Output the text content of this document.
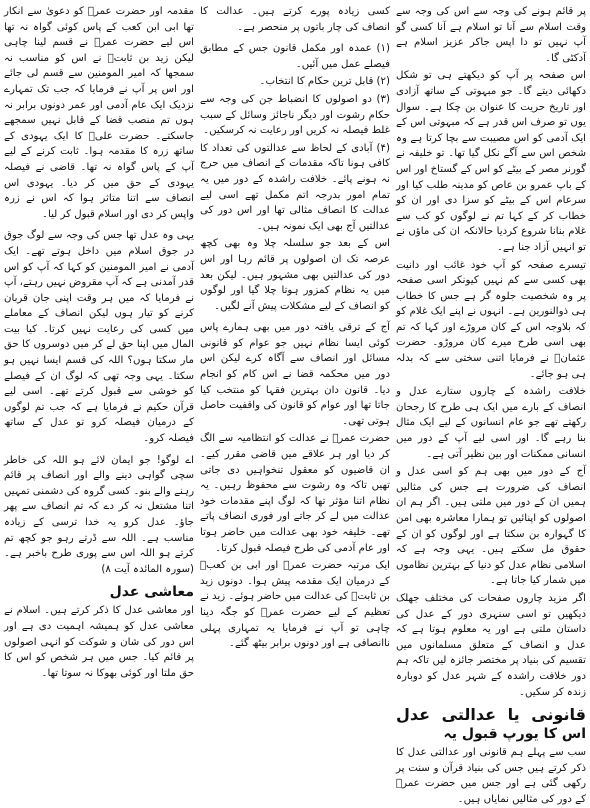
پر قائم ہونے کی وجہ سے اس کی وجہ سے وقت اسلام سے آنا تو اسلام ہے آنا کسی گو آپ نہیں تو دا اپس جاکر عزیز اسلام ہے آدکٹی گا۔

اس صفحہ پر آپ کو دیکھتے ہی تو شکل دکھائی دیتے گا۔ جو مبہوتی کے ساتھ آزادی اور تاریخ حریت کا عنوان بن چکا ہے۔ سوال یوں تو صرف اس قدر ہے کہ مبہوتی اس کے ایک آدمی کو اس مصیبت سے بچا کرتا ہے وہ شخص اس سے آگے نکل گیا تھا۔ تو خلیفہ نے گورنر مصر کے بیٹے کو اس کے گستاخ اور اس کے باپ عمرو بن عاص کو مدینہ طلب کیا اور سرعام اس کے بیٹے کو سزا دی اور ان کو خطاب کر کے کہا تم نے لوگوں کو کب سے غلام بنانا شروع کردیا حالانکہ ان کی ماؤں نے تو انہیں آزاد جنا ہے۔

تیسرے صفحہ کو آپ خود غائب اور دانیت بھی کسی سے کم نہیں کیونکر اسی صفحہ پر وہ شخصیت جلوہ گر ہے جس کا خطاب ہی ذوالنورین ہے۔ انہوں نے اپنے ایک غلام کو کہ بلاوجہ اس کے کان مروڑے اور کہا کہ تم بھی اسی طرح میرے کان مروڑو۔ حضرت عثمانؓ نے فرمایا اتنی سختی سے کہ بدلہ ہی ہو جائے۔

خلافت راشدہ کے چاروں ستارے عدل و انصاف کے بارے میں ایک ہی طرح کا رجحان رکھتے تھے جو عام انسانوں کے لیے ایک مثال بنا رہے گا۔ اور اسی لیے آپ کے دور میں انسانی ممکنات اور بین نظیر آتی ہے۔

آج کے دور میں بھی ہم کو اسی عدل و انصاف کی ضرورت ہے جس کی مثالیں ہمیں ان کے دور میں ملتی ہیں۔ اگر ہم ان اصولوں کو اپنائیں تو ہمارا معاشرہ بھی امن کا گہوارہ بن سکتا ہے اور لوگوں کو ان کے حقوق مل سکتے ہیں۔ یہی وجہ ہے کہ اسلامی نظام عدل کو دنیا کے بہترین نظاموں میں شمار کیا جاتا ہے۔

اگر مزید چاروں صفحات کی مختلف جھلک دیکھیں تو اسی سنہری دور کے عدل کی داستان ملتی ہے اور یہ معلوم ہوتا ہے کہ عدل و انصاف کے متعلق مسلمانوں میں تقسیم کی بنیاد پر مختصر جائزہ لیں تاکہ ہم دور خلافت راشدہ کے شہر عدل کو دوبارہ زندہ کر سکیں۔

قانونی یا عدالتی عدل اس کا یورپ قبول یہ

سب سے پہلے ہم قانونی اور عدالتی عدل کا ذکر کرتے ہیں جس کی بنیاد قرآن و سنت پر رکھی گئی ہے اور جس میں حضرت عمرؓ کے دور کی مثالیں نمایاں ہیں۔

کسی زیادہ پورے کرتے ہیں۔ عدالت کا انصاف کی چار باتوں پر منحصر ہے۔

(۱) عمدہ اور مکمل قانون جس کے مطابق فیصلے عمل میں آئیں۔

(۲) قابل ترین حکام کا انتخاب۔

(۳) دو اصولوں کا انضباط جن کی وجہ سے حکام رشوت اور دیگر ناجائز وسائل کے سبب غلط فیصلہ نہ کریں اور رعایت نہ کرسکیں۔

(۴) آبادی کے لحاظ سے عدالتوں کی تعداد کا کافی ہونا تاکہ مقدمات کے انصاف میں حرج نہ ہونے پائے۔ خلافت راشدہ کے دور میں یہ تمام امور بدرجہ اتم مکمل تھے اسی لیے عدالت کا انصاف مثالی تھا اور اس دور کی عدالتیں آج بھی ایک نمونہ ہیں۔

اس کے بعد جو سلسلہ چلا وہ بھی کچھ عرصہ تک ان اصولوں پر قائم رہا اور اس دور کی عدالتیں بھی مشہور ہیں۔ لیکن بعد میں یہ نظام کمزور ہوتا چلا گیا اور لوگوں کو انصاف کے لیے مشکلات پیش آنے لگیں۔

آج کے ترقی یافتہ دور میں بھی ہمارے پاس کوئی ایسا نظام نہیں جو عوام کو قانونی مسائل اور انصاف سے آگاہ کرے لیکن اس دور میں محکمہ قضا نے اس کام کو انجام دیا۔ قانون دان بہترین فقہا کو منتخب کیا جاتا تھا اور عوام کو قانون کی واقفیت حاصل ہوتی تھی۔

حضرت عمرؓ نے عدالت کو انتظامیہ سے الگ کر دیا اور ہر علاقے میں قاضی مقرر کیے۔ ان قاضیوں کو معقول تنخواہیں دی جاتی تھیں تاکہ وہ رشوت سے محفوظ رہیں۔ یہ نظام اتنا مؤثر تھا کہ لوگ اپنے مقدمات خود عدالت میں لے کر جاتے اور فوری انصاف پاتے تھے۔ خلیفہ خود بھی عدالت میں حاضر ہوتا اور عام آدمی کی طرح فیصلہ قبول کرتا۔

ایک مرتبہ حضرت عمرؓ اور ابی بن کعبؓ کے درمیان ایک مقدمہ پیش ہوا۔ دونوں زید بن ثابتؓ کی عدالت میں حاضر ہوئے۔ زید نے تعظیم کے لیے حضرت عمرؓ کو جگہ دینا چاہی تو آپ نے فرمایا یہ تمہاری پہلی ناانصافی ہے اور دونوں برابر بیٹھ گئے۔

مقدمہ اور حضرت عمرؓ کو دعویٰ سے انکار تھا ابی ابن کعب کے پاس کوئی گواہ نہ تھا اس لیے حضرت عمرؓ نے قسم لینا چاہی لیکن زید بن ثابتؓ نے اس کو مناسب نہ سمجھا کہ امیر المومنین سے قسم لی جائے اور اس پر آپ نے فرمایا کہ جب تک تمہارے نزدیک ایک عام آدمی اور عمر دونوں برابر نہ ہوں تم منصب قضا کے قابل نہیں سمجھے جاسکتے۔ حضرت علیؓ کا ایک یہودی کے ساتھ زرہ کا مقدمہ ہوا۔ ثابت کرنے کے لیے آپ کے پاس گواہ نہ تھا۔ قاضی نے فیصلہ یہودی کے حق میں کر دیا۔ یہودی اس انصاف سے اتنا متاثر ہوا کہ اس نے زرہ واپس کر دی اور اسلام قبول کر لیا۔

یہی وہ عدل تھا جس کی وجہ سے لوگ جوق در جوق اسلام میں داخل ہوتے تھے۔ ایک آدمی نے امیر المومنین کو کہا کہ آپ کو اس قدر آمدنی ہے کہ آپ مقروض نہیں رہتے، آپ نے فرمایا کہ میں ہر وقت اپنی جان قربان کرنے کو تیار ہوں لیکن انصاف کے معاملے میں کسی کی رعایت نہیں کرتا۔ کیا بیت المال میں اپنا حق لے کر میں دوسروں کا حق مار سکتا ہوں؟ اللہ کی قسم ایسا نہیں ہو سکتا۔ یہی وجہ تھی کہ لوگ ان کے فیصلے کو خوشی سے قبول کرتے تھے۔ اسی لیے قرآن حکیم نے فرمایا ہے کہ جب تم لوگوں کے درمیان فیصلہ کرو تو عدل کے ساتھ فیصلہ کرو۔

اے لوگو! جو ایمان لائے ہو اللہ کی خاطر سچی گواہی دینے والے اور انصاف پر قائم رہنے والے بنو۔ کسی گروہ کی دشمنی تمہیں اتنا مشتعل نہ کر دے کہ تم انصاف سے پھر جاؤ۔ عدل کرو یہ خدا ترسی کے زیادہ مناسب ہے۔ اللہ سے ڈرتے رہو جو کچھ تم کرتے ہو اللہ اس سے پوری طرح باخبر ہے۔ (سورہ المائدہ آیت ۸)

معاشی عدل

اور معاشی عدل کا ذکر کرتے ہیں۔ اسلام نے معاشی عدل کو ہمیشہ اہمیت دی ہے اور اس دور کی شان و شوکت کو انہی اصولوں پر قائم کیا۔ جس میں ہر شخص کو اس کا حق ملتا اور کوئی بھوکا نہ سوتا تھا۔
